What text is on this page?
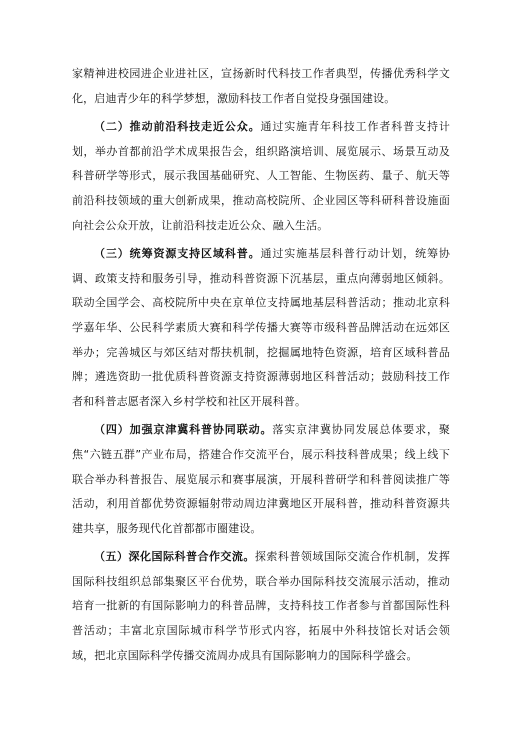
家精神进校园进企业进社区，宣扬新时代科技工作者典型，传播优秀科学文化，启迪青少年的科学梦想，激励科技工作者自觉投身强国建设。

（二）推动前沿科技走近公众。通过实施青年科技工作者科普支持计划，举办首都前沿学术成果报告会，组织路演培训、展览展示、场景互动及科普研学等形式，展示我国基础研究、人工智能、生物医药、量子、航天等前沿科技领域的重大创新成果，推动高校院所、企业园区等科研科普设施面向社会公众开放，让前沿科技走近公众、融入生活。

（三）统筹资源支持区域科普。通过实施基层科普行动计划，统筹协调、政策支持和服务引导，推动科普资源下沉基层，重点向薄弱地区倾斜。联动全国学会、高校院所中央在京单位支持属地基层科普活动；推动北京科学嘉年华、公民科学素质大赛和科学传播大赛等市级科普品牌活动在远郊区举办；完善城区与郊区结对帮扶机制，挖掘属地特色资源，培育区域科普品牌；遴选资助一批优质科普资源支持资源薄弱地区科普活动；鼓励科技工作者和科普志愿者深入乡村学校和社区开展科普。

（四）加强京津冀科普协同联动。落实京津冀协同发展总体要求，聚焦“六链五群”产业布局，搭建合作交流平台，展示科技科普成果；线上线下联合举办科普报告、展览展示和赛事展演，开展科普研学和科普阅读推广等活动，利用首都优势资源辐射带动周边津冀地区开展科普，推动科普资源共建共享，服务现代化首都都市圈建设。

（五）深化国际科普合作交流。探索科普领域国际交流合作机制，发挥国际科技组织总部集聚区平台优势，联合举办国际科技交流展示活动，推动培育一批新的有国际影响力的科普品牌，支持科技工作者参与首都国际性科普活动；丰富北京国际城市科学节形式内容，拓展中外科技馆长对话会领域，把北京国际科学传播交流周办成具有国际影响力的国际科学盛会。
